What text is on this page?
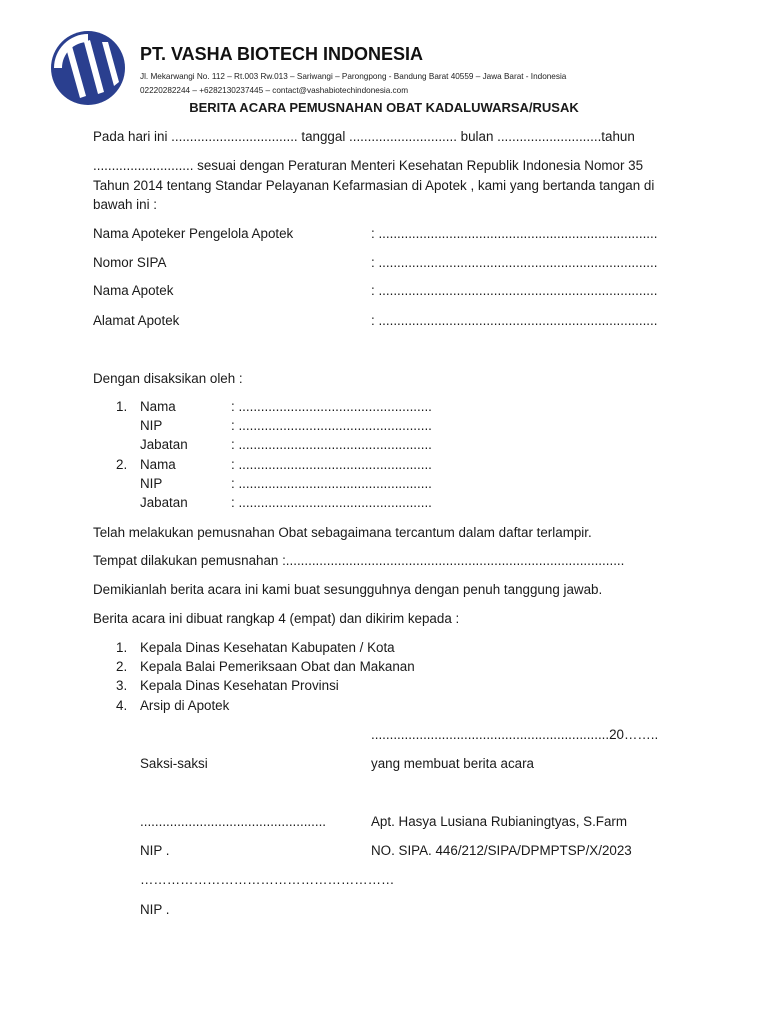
PT. VASHA BIOTECH INDONESIA
Jl. Mekarwangi No. 112 – Rt.003 Rw.013 – Sariwangi – Parongpong - Bandung Barat 40559 – Jawa Barat - Indonesia
02220282244 – +6282130237445 – contact@vashabiotechindonesia.com
BERITA ACARA PEMUSNAHAN OBAT KADALUWARSA/RUSAK
Pada hari ini .................................. tanggal ............................. bulan ............................tahun
........................... sesuai dengan Peraturan Menteri Kesehatan Republik Indonesia Nomor 35 Tahun 2014 tentang Standar Pelayanan Kefarmasian di Apotek , kami yang bertanda tangan di bawah ini :
Nama Apoteker Pengelola Apotek	: ...........................................................................
Nomor SIPA	: ...........................................................................
Nama Apotek	: ...........................................................................
Alamat Apotek	: ...........................................................................
Dengan disaksikan oleh :
1. Nama	: ....................................................
NIP	: ....................................................
Jabatan	: ....................................................
2. Nama	: ....................................................
NIP	: ....................................................
Jabatan	: ....................................................
Telah melakukan pemusnahan Obat sebagaimana tercantum dalam daftar terlampir.
Tempat dilakukan pemusnahan :...........................................................................................
Demikianlah berita acara ini kami buat sesungguhnya dengan penuh tanggung jawab.
Berita acara ini dibuat rangkap 4 (empat) dan dikirim kepada :
1. Kepala Dinas Kesehatan Kabupaten / Kota
2. Kepala Balai Pemeriksaan Obat dan Makanan
3. Kepala Dinas Kesehatan Provinsi
4. Arsip di Apotek
................................................................20……..
Saksi-saksi	yang membuat berita acara
..................................................	Apt. Hasya Lusiana Rubianingtyas, S.Farm
NIP .	NO. SIPA. 446/212/SIPA/DPMPTSP/X/2023
…………………………………………………
NIP .
